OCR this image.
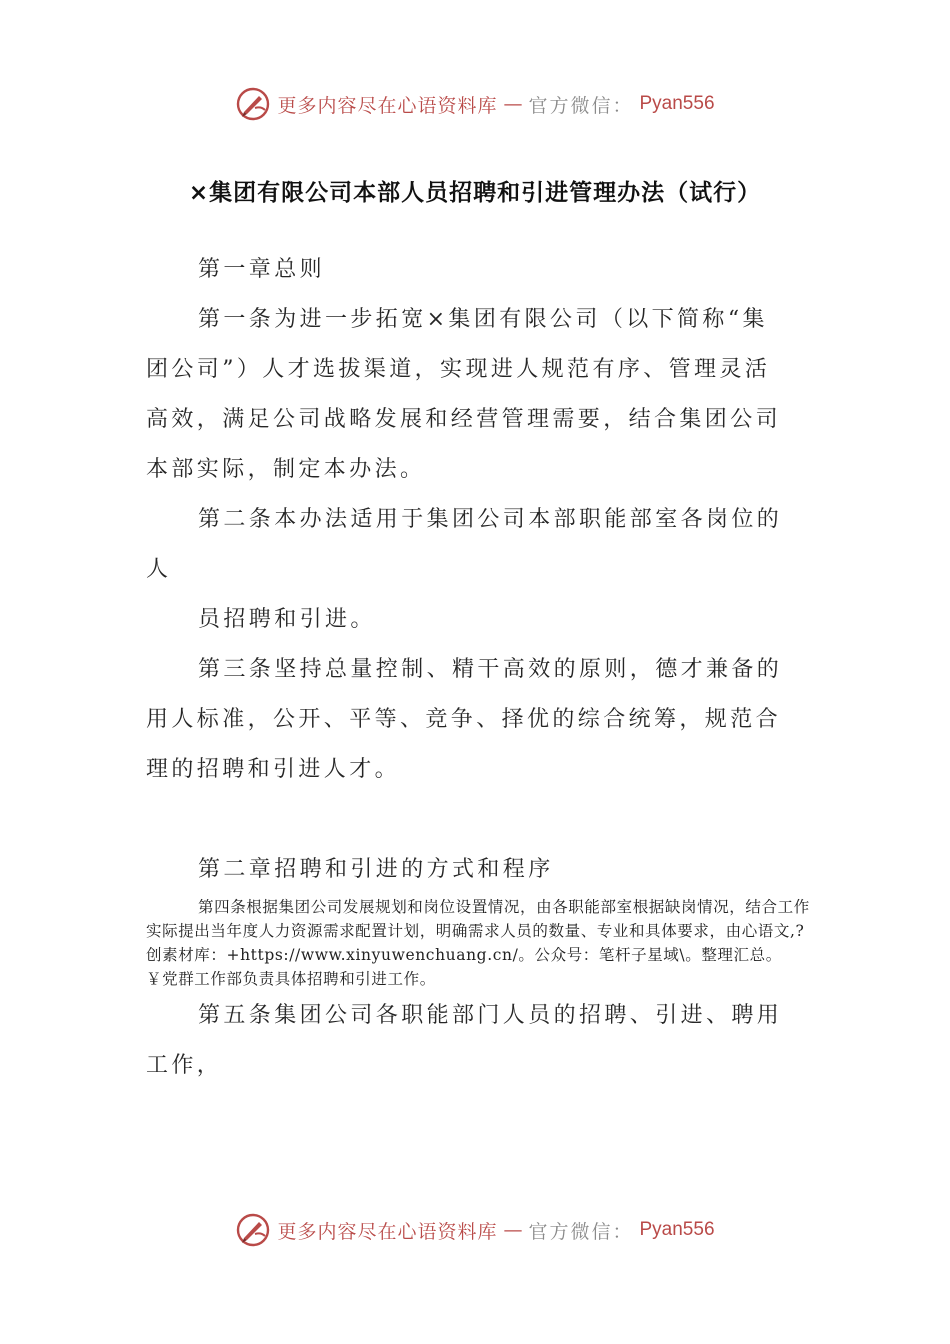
更多内容尽在心语资料库 — 官方微信： Pyan556
×集团有限公司本部人员招聘和引进管理办法（试行）

第一章总则

第一条为进一步拓宽×集团有限公司（以下简称“集团公司”）人才选拔渠道，实现进人规范有序、管理灵活高效，满足公司战略发展和经营管理需要，结合集团公司本部实际，制定本办法。

第二条本办法适用于集团公司本部职能部室各岗位的人

员招聘和引进。

第三条坚持总量控制、精干高效的原则，德才兼备的用人标准，公开、平等、竞争、择优的综合统筹，规范合理的招聘和引进人才。

第二章招聘和引进的方式和程序

第四条根据集团公司发展规划和岗位设置情况，由各职能部室根据缺岗情况，结合工作实际提出当年度人力资源需求配置计划，明确需求人员的数量、专业和具体要求，由心语文,?创素材库：+https://www.xinyuwenchuang.cn/。公众号：笔杆子星域\。整理汇总。￥党群工作部负责具体招聘和引进工作。

第五条集团公司各职能部门人员的招聘、引进、聘用工作，

更多内容尽在心语资料库 — 官方微信： Pyan556
